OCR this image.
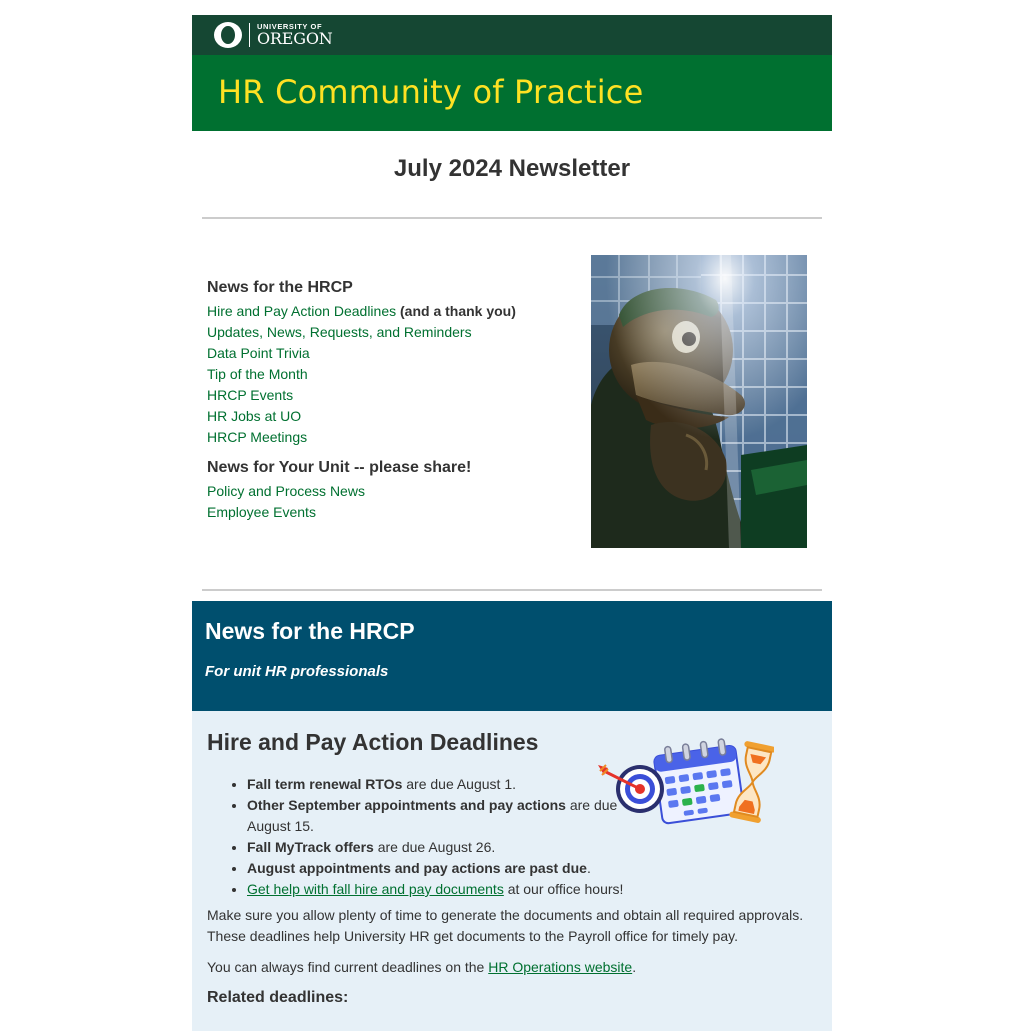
UNIVERSITY OF
OREGON
HR Community of Practice
July 2024 Newsletter
News for the HRCP
Hire and Pay Action Deadlines (and a thank you)
Updates, News, Requests, and Reminders
Data Point Trivia
Tip of the Month
HRCP Events
HR Jobs at UO
HRCP Meetings
News for Your Unit -- please share!
Policy and Process News
Employee Events
News for the HRCP
For unit HR professionals
Hire and Pay Action Deadlines
• Fall term renewal RTOs are due August 1.
• Other September appointments and pay actions are due August 15.
• Fall MyTrack offers are due August 26.
• August appointments and pay actions are past due.
• Get help with fall hire and pay documents at our office hours!

Make sure you allow plenty of time to generate the documents and obtain all required approvals. These deadlines help University HR get documents to the Payroll office for timely pay.

You can always find current deadlines on the HR Operations website.

Related deadlines:
